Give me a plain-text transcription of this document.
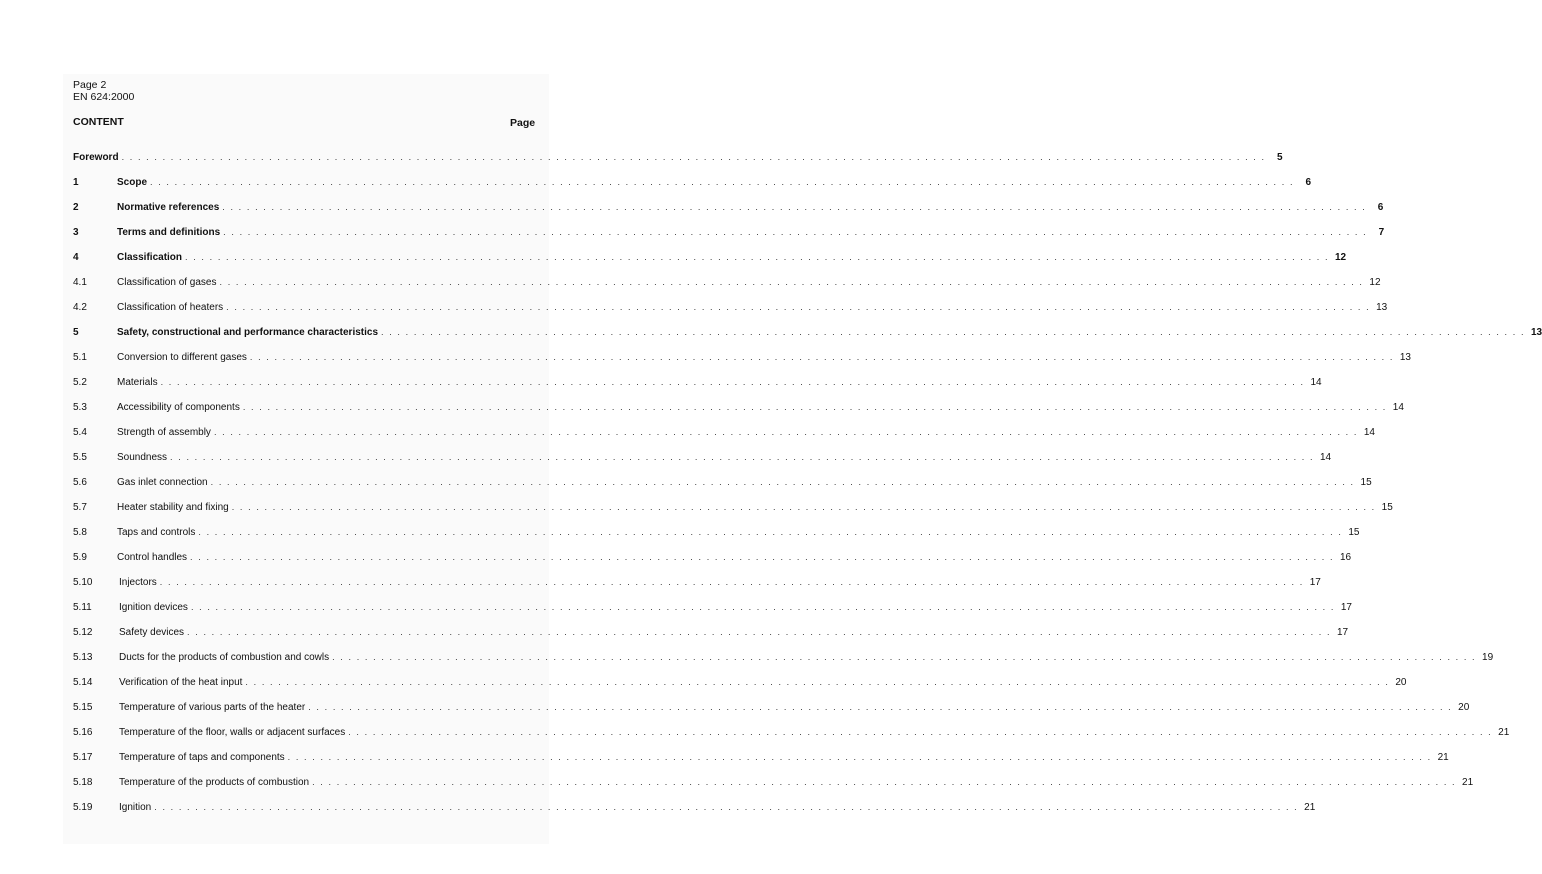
Page 2
EN 624:2000
CONTENT	Page
Foreword . . . . . . . . . . . . . . . . . . . . . . . . . . . . . . . . . . . . . . . . . . . . . . . . . . . . . . . . . . . . . . . . . . . . . . . . . . . . . . . . . . . . . . . . . . . . . . . . . . . . . . . . . . . . . . . . . . . . . . . . . . . . . . . . . . . . . . . . . . . .	5
1	Scope . . . . . . . . . . . . . . . . . . . . . . . . . . . . . . . . . . . . . . . . . . . . . . . . . . . . . . . . . . . . . . . . . . . . . . . . . . . . . . . . . . . . . . . . . . . . . . . . . . . . . . . . . . . . . . . . . . . . . . . . . . . . . . . . . . . . . . . . . . . .	6
2	Normative references . . . . . . . . . . . . . . . . . . . . . . . . . . . . . . . . . . . . . . . . . . . . . . . . . . . . . . . . . . . . . . . . . . . . . . . . . . . . . . . . . . . . . . . . . . . . . . . . . . . . . . . . . . . . . . . . . . . . . . . . . . . . . . . . . . . . . . . . . . . .	6
3	Terms and definitions . . . . . . . . . . . . . . . . . . . . . . . . . . . . . . . . . . . . . . . . . . . . . . . . . . . . . . . . . . . . . . . . . . . . . . . . . . . . . . . . . . . . . . . . . . . . . . . . . . . . . . . . . . . . . . . . . . . . . . . . . . . . . . . . . . . . . . . . . . . .	7
4	Classification . . . . . . . . . . . . . . . . . . . . . . . . . . . . . . . . . . . . . . . . . . . . . . . . . . . . . . . . . . . . . . . . . . . . . . . . . . . . . . . . . . . . . . . . . . . . . . . . . . . . . . . . . . . . . . . . . . . . . . . . . . . . . . . . . . . . . . . . . . . . 12
4.1	Classification of gases . . . . . . . . . . . . . . . . . . . . . . . . . . . . . . . . . . . . . . . . . . . . . . . . . . . . . . . . . . . . . . . . . . . . . . . . . . . . . . . . . . . . . . . . . . . . . . . . . . . . . . . . . . . . . . . . . . . . . . . . . . . . . . . . . . . . . . . . . . . . 12
4.2	Classification of heaters . . . . . . . . . . . . . . . . . . . . . . . . . . . . . . . . . . . . . . . . . . . . . . . . . . . . . . . . . . . . . . . . . . . . . . . . . . . . . . . . . . . . . . . . . . . . . . . . . . . . . . . . . . . . . . . . . . . . . . . . . . . . . . . . . . . . . . . . . . . . 13
5	Safety, constructional and performance characteristics . . . . . . . . . . . . . . . . . . . . . . . . . . . . . . . . . . . . . . . . . . . . . . . . . . . . . . . . . . . . . . . . . . . . . . . . . . . . . . . . . . . . . . . . . . . . . . . . . . . . . . . . . . . . . . . . . . . . . . . . . . . . . . . . . . . . . . . . . . . . 13
5.1	Conversion to different gases . . . . . . . . . . . . . . . . . . . . . . . . . . . . . . . . . . . . . . . . . . . . . . . . . . . . . . . . . . . . . . . . . . . . . . . . . . . . . . . . . . . . . . . . . . . . . . . . . . . . . . . . . . . . . . . . . . . . . . . . . . . . . . . . . . . . . . . . . . . . 13
5.2	Materials . . . . . . . . . . . . . . . . . . . . . . . . . . . . . . . . . . . . . . . . . . . . . . . . . . . . . . . . . . . . . . . . . . . . . . . . . . . . . . . . . . . . . . . . . . . . . . . . . . . . . . . . . . . . . . . . . . . . . . . . . . . . . . . . . . . . . . . . . . . . 14
5.3	Accessibility of components . . . . . . . . . . . . . . . . . . . . . . . . . . . . . . . . . . . . . . . . . . . . . . . . . . . . . . . . . . . . . . . . . . . . . . . . . . . . . . . . . . . . . . . . . . . . . . . . . . . . . . . . . . . . . . . . . . . . . . . . . . . . . . . . . . . . . . . . . . . . 14
5.4	Strength of assembly . . . . . . . . . . . . . . . . . . . . . . . . . . . . . . . . . . . . . . . . . . . . . . . . . . . . . . . . . . . . . . . . . . . . . . . . . . . . . . . . . . . . . . . . . . . . . . . . . . . . . . . . . . . . . . . . . . . . . . . . . . . . . . . . . . . . . . . . . . . . 14
5.5	Soundness . . . . . . . . . . . . . . . . . . . . . . . . . . . . . . . . . . . . . . . . . . . . . . . . . . . . . . . . . . . . . . . . . . . . . . . . . . . . . . . . . . . . . . . . . . . . . . . . . . . . . . . . . . . . . . . . . . . . . . . . . . . . . . . . . . . . . . . . . . . . 14
5.6	Gas inlet connection . . . . . . . . . . . . . . . . . . . . . . . . . . . . . . . . . . . . . . . . . . . . . . . . . . . . . . . . . . . . . . . . . . . . . . . . . . . . . . . . . . . . . . . . . . . . . . . . . . . . . . . . . . . . . . . . . . . . . . . . . . . . . . . . . . . . . . . . . . . . 15
5.7	Heater stability and fixing . . . . . . . . . . . . . . . . . . . . . . . . . . . . . . . . . . . . . . . . . . . . . . . . . . . . . . . . . . . . . . . . . . . . . . . . . . . . . . . . . . . . . . . . . . . . . . . . . . . . . . . . . . . . . . . . . . . . . . . . . . . . . . . . . . . . . . . . . . . . 15
5.8	Taps and controls . . . . . . . . . . . . . . . . . . . . . . . . . . . . . . . . . . . . . . . . . . . . . . . . . . . . . . . . . . . . . . . . . . . . . . . . . . . . . . . . . . . . . . . . . . . . . . . . . . . . . . . . . . . . . . . . . . . . . . . . . . . . . . . . . . . . . . . . . . . . 15
5.9	Control handles . . . . . . . . . . . . . . . . . . . . . . . . . . . . . . . . . . . . . . . . . . . . . . . . . . . . . . . . . . . . . . . . . . . . . . . . . . . . . . . . . . . . . . . . . . . . . . . . . . . . . . . . . . . . . . . . . . . . . . . . . . . . . . . . . . . . . . . . . . . . 16
5.10	Injectors . . . . . . . . . . . . . . . . . . . . . . . . . . . . . . . . . . . . . . . . . . . . . . . . . . . . . . . . . . . . . . . . . . . . . . . . . . . . . . . . . . . . . . . . . . . . . . . . . . . . . . . . . . . . . . . . . . . . . . . . . . . . . . . . . . . . . . . . . . . . 17
5.11	Ignition devices . . . . . . . . . . . . . . . . . . . . . . . . . . . . . . . . . . . . . . . . . . . . . . . . . . . . . . . . . . . . . . . . . . . . . . . . . . . . . . . . . . . . . . . . . . . . . . . . . . . . . . . . . . . . . . . . . . . . . . . . . . . . . . . . . . . . . . . . . . . . 17
5.12	Safety devices . . . . . . . . . . . . . . . . . . . . . . . . . . . . . . . . . . . . . . . . . . . . . . . . . . . . . . . . . . . . . . . . . . . . . . . . . . . . . . . . . . . . . . . . . . . . . . . . . . . . . . . . . . . . . . . . . . . . . . . . . . . . . . . . . . . . . . . . . . . . 17
5.13	Ducts for the products of combustion and cowls . . . . . . . . . . . . . . . . . . . . . . . . . . . . . . . . . . . . . . . . . . . . . . . . . . . . . . . . . . . . . . . . . . . . . . . . . . . . . . . . . . . . . . . . . . . . . . . . . . . . . . . . . . . . . . . . . . . . . . . . . . . . . . . . . . . . . . . . . . . . 19
5.14	Verification of the heat input . . . . . . . . . . . . . . . . . . . . . . . . . . . . . . . . . . . . . . . . . . . . . . . . . . . . . . . . . . . . . . . . . . . . . . . . . . . . . . . . . . . . . . . . . . . . . . . . . . . . . . . . . . . . . . . . . . . . . . . . . . . . . . . . . . . . . . . . . . . . 20
5.15	Temperature of various parts of the heater . . . . . . . . . . . . . . . . . . . . . . . . . . . . . . . . . . . . . . . . . . . . . . . . . . . . . . . . . . . . . . . . . . . . . . . . . . . . . . . . . . . . . . . . . . . . . . . . . . . . . . . . . . . . . . . . . . . . . . . . . . . . . . . . . . . . . . . . . . . . 20
5.16	Temperature of the floor, walls or adjacent surfaces . . . . . . . . . . . . . . . . . . . . . . . . . . . . . . . . . . . . . . . . . . . . . . . . . . . . . . . . . . . . . . . . . . . . . . . . . . . . . . . . . . . . . . . . . . . . . . . . . . . . . . . . . . . . . . . . . . . . . . . . . . . . . . . . . . . . . . . . . . . . 21
5.17	Temperature of taps and components . . . . . . . . . . . . . . . . . . . . . . . . . . . . . . . . . . . . . . . . . . . . . . . . . . . . . . . . . . . . . . . . . . . . . . . . . . . . . . . . . . . . . . . . . . . . . . . . . . . . . . . . . . . . . . . . . . . . . . . . . . . . . . . . . . . . . . . . . . . . 21
5.18	Temperature of the products of combustion . . . . . . . . . . . . . . . . . . . . . . . . . . . . . . . . . . . . . . . . . . . . . . . . . . . . . . . . . . . . . . . . . . . . . . . . . . . . . . . . . . . . . . . . . . . . . . . . . . . . . . . . . . . . . . . . . . . . . . . . . . . . . . . . . . . . . . . . . . . . 21
5.19	Ignition . . . . . . . . . . . . . . . . . . . . . . . . . . . . . . . . . . . . . . . . . . . . . . . . . . . . . . . . . . . . . . . . . . . . . . . . . . . . . . . . . . . . . . . . . . . . . . . . . . . . . . . . . . . . . . . . . . . . . . . . . . . . . . . . . . . . . . . . . . . . 21
